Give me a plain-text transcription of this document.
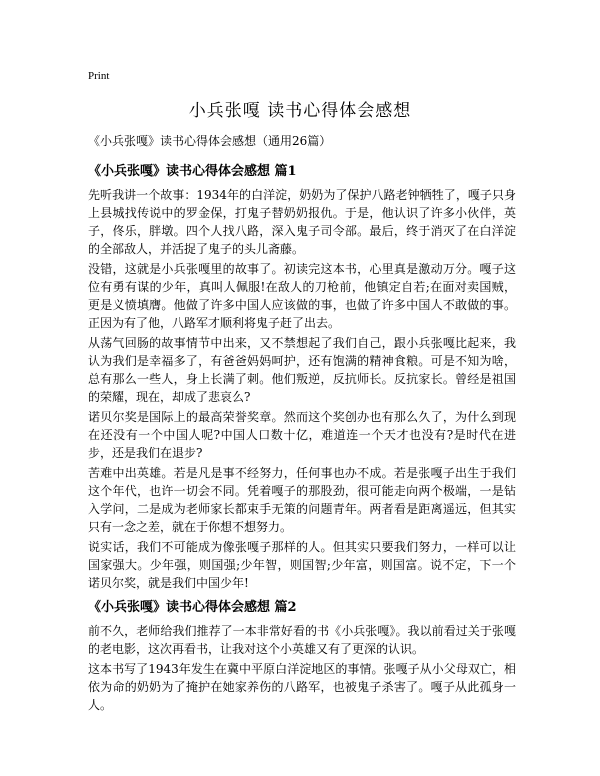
Print
小兵张嘎 读书心得体会感想

《小兵张嘎》读书心得体会感想（通用26篇）

《小兵张嘎》读书心得体会感想 篇1

先听我讲一个故事：1934年的白洋淀，奶奶为了保护八路老钟牺牲了，嘎子只身上县城找传说中的罗金保，打鬼子替奶奶报仇。于是，他认识了许多小伙伴，英子，佟乐，胖墩。四个人找八路，深入鬼子司令部。最后，终于消灭了在白洋淀的全部敌人，并活捉了鬼子的头儿斋藤。

没错，这就是小兵张嘎里的故事了。初读完这本书，心里真是激动万分。嘎子这位有勇有谋的少年，真叫人佩服!在敌人的刀枪前，他镇定自若;在面对卖国贼，更是义愤填膺。他做了许多中国人应该做的事，也做了许多中国人不敢做的事。正因为有了他，八路军才顺利将鬼子赶了出去。

从荡气回肠的故事情节中出来，又不禁想起了我们自己，跟小兵张嘎比起来，我认为我们是幸福多了，有爸爸妈妈呵护，还有饱满的精神食粮。可是不知为啥，总有那么一些人，身上长满了刺。他们叛逆，反抗师长。反抗家长。曾经是祖国的荣耀，现在，却成了悲哀么?

诺贝尔奖是国际上的最高荣誉奖章。然而这个奖创办也有那么久了，为什么到现在还没有一个中国人呢?中国人口数十亿，难道连一个天才也没有?是时代在进步，还是我们在退步?

苦难中出英雄。若是凡是事不经努力，任何事也办不成。若是张嘎子出生于我们这个年代，也许一切会不同。凭着嘎子的那股劲，很可能走向两个极端，一是钻入学问，二是成为老师家长都束手无策的问题青年。两者看是距离遥远，但其实只有一念之差，就在于你想不想努力。

说实话，我们不可能成为像张嘎子那样的人。但其实只要我们努力，一样可以让国家强大。少年强，则国强;少年智，则国智;少年富，则国富。说不定，下一个诺贝尔奖，就是我们中国少年!

《小兵张嘎》读书心得体会感想 篇2

前不久，老师给我们推荐了一本非常好看的书《小兵张嘎》。我以前看过关于张嘎的老电影，这次再看书，让我对这个小英雄又有了更深的认识。

这本书写了1943年发生在冀中平原白洋淀地区的事情。张嘎子从小父母双亡，相依为命的奶奶为了掩护在她家养伤的八路军，也被鬼子杀害了。嘎子从此孤身一人。
